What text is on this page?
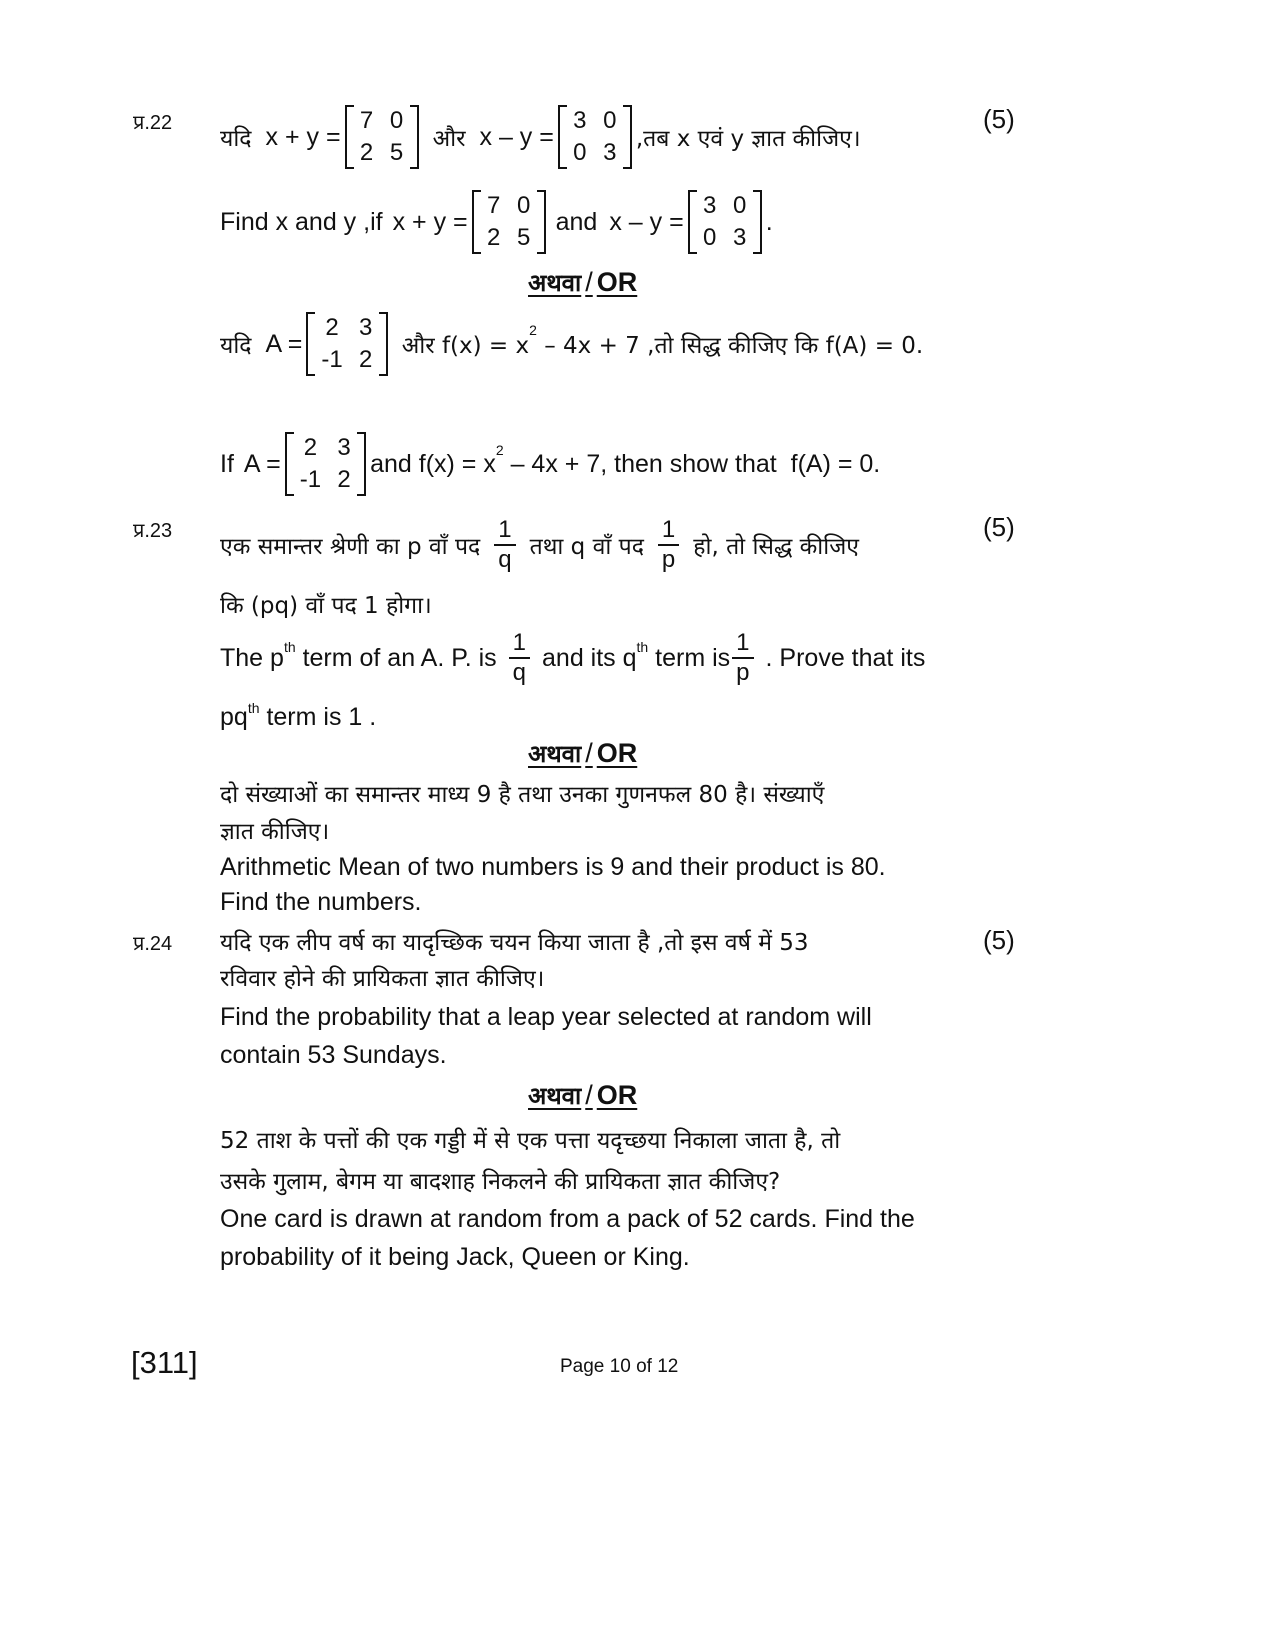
प्र.22	(5)
यदि x + y =
7 0
2 5 और x – y =
3 0
0 3 ,तब x एवं y ज्ञात कीजिए।
Find x and y ,if x + y =
7 0
2 5
and x – y =
3 0
0 3
.
अथवा / OR
यदि A =
2 3
-1 2 और f(x) = x
2
– 4x + 7 ,तो सिद्ध कीजिए कि f(A) = 0.
If A =
2 3
-1 2
and f(x) = x 2 – 4x + 7, then show that  f(A) = 0.
प्र.23	(5)
एक समान्तर श्रेणी का p वाँ पद $\frac{1}{q}$ तथा q वाँ पद $\frac{1}{p}$ हो, तो सिद्ध कीजिए
कि (pq) वाँ पद 1 होगा।
The p th term of an A. P. is $\frac{1}{q}$ and its q th term is $\frac{1}{p}$ . Prove that its
pq th term is 1 .
अथवा / OR
दो संख्याओं का समान्तर माध्य 9 है तथा उनका गुणनफल 80 है। संख्याएँ
ज्ञात कीजिए।
Arithmetic Mean of two numbers is 9 and their product is 80.
Find the numbers.
प्र.24	(5)
यदि एक लीप वर्ष का यादृच्छिक चयन किया जाता है ,तो इस वर्ष में 53
रविवार होने की प्रायिकता ज्ञात कीजिए।
Find the probability that a leap year selected at random will
contain 53 Sundays.
अथवा / OR
52 ताश के पत्तों की एक गड्डी में से एक पत्ता यदृच्छया निकाला जाता है, तो
उसके गुलाम, बेगम या बादशाह निकलने की प्रायिकता ज्ञात कीजिए?
One card is drawn at random from a pack of 52 cards. Find the
probability of it being Jack, Queen or King.
[311]	Page 10 of 12
